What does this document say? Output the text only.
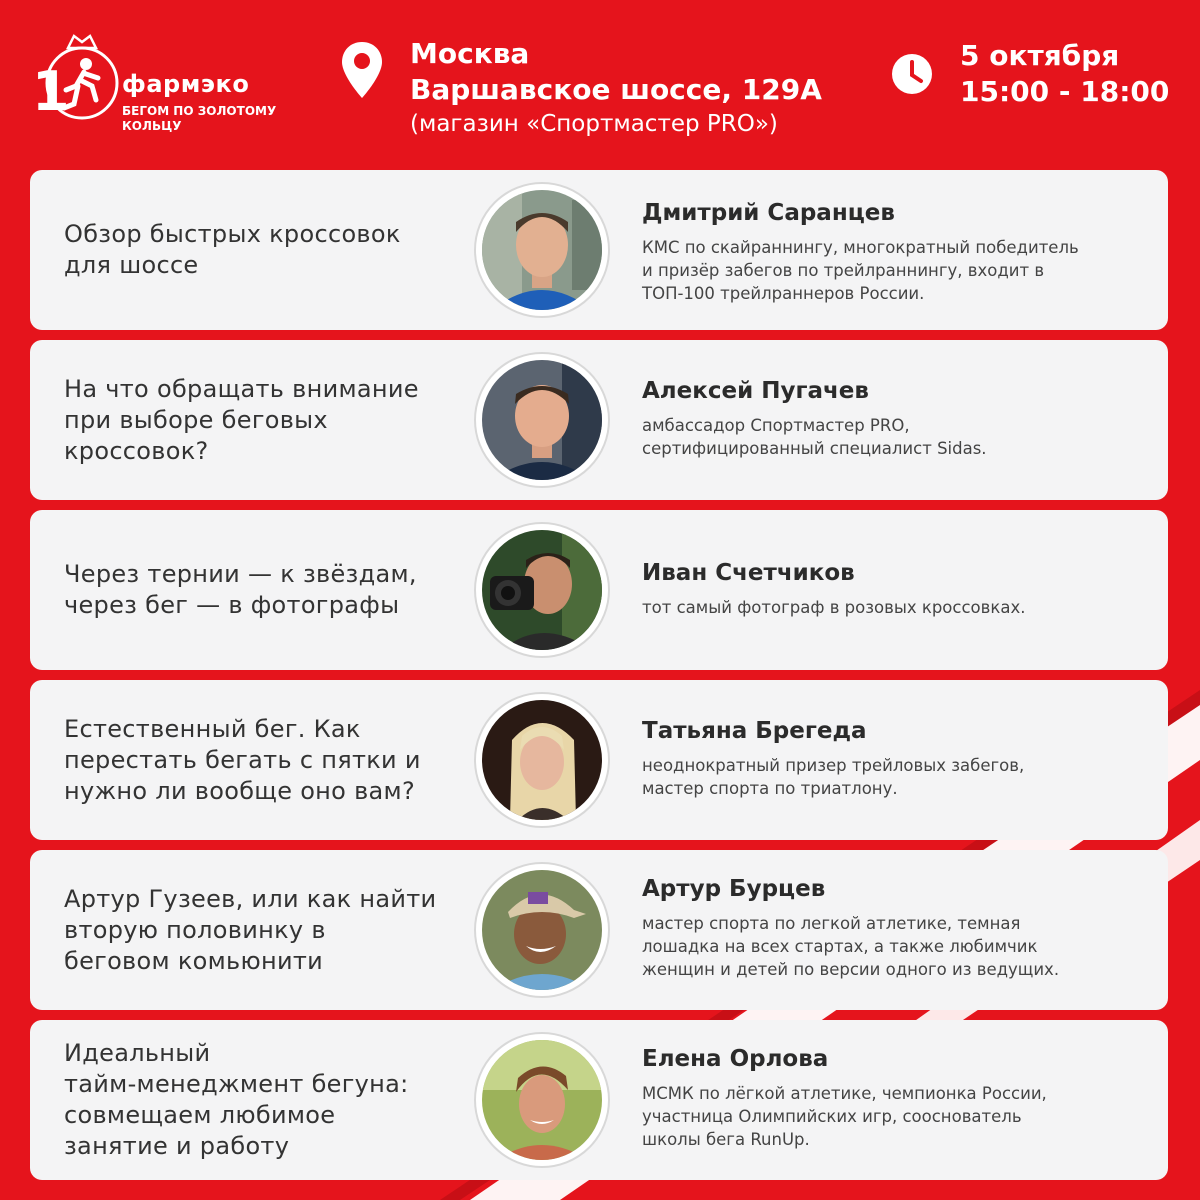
1 фармэко
БЕГОМ ПО ЗОЛОТОМУ КОЛЬЦУ
Москва
Варшавское шоссе, 129А
(магазин «Спортмастер PRO»)
5 октября
15:00 - 18:00
Обзор быстрых кроссовок
для шоссе
Дмитрий Саранцев
КМС по скайраннингу, многократный победитель
и призёр забегов по трейлраннингу, входит в
ТОП-100 трейлраннеров России.
На что обращать внимание
при выборе беговых
кроссовок?
Алексей Пугачев
амбассадор Спортмастер PRO,
сертифицированный специалист Sidas.
Через тернии — к звёздам,
через бег — в фотографы
Иван Счетчиков
тот самый фотограф в розовых кроссовках.
Естественный бег. Как
перестать бегать с пятки и
нужно ли вообще оно вам?
Татьяна Брегеда
неоднократный призер трейловых забегов,
мастер спорта по триатлону.
Артур Гузеев, или как найти
вторую половинку в
беговом комьюнити
Артур Бурцев
мастер спорта по легкой атлетике, темная
лошадка на всех стартах, а также любимчик
женщин и детей по версии одного из ведущих.
Идеальный
тайм-менеджмент бегуна:
совмещаем любимое
занятие и работу
Елена Орлова
МСМК по лёгкой атлетике, чемпионка России,
участница Олимпийских игр, сооснователь
школы бега RunUp.
